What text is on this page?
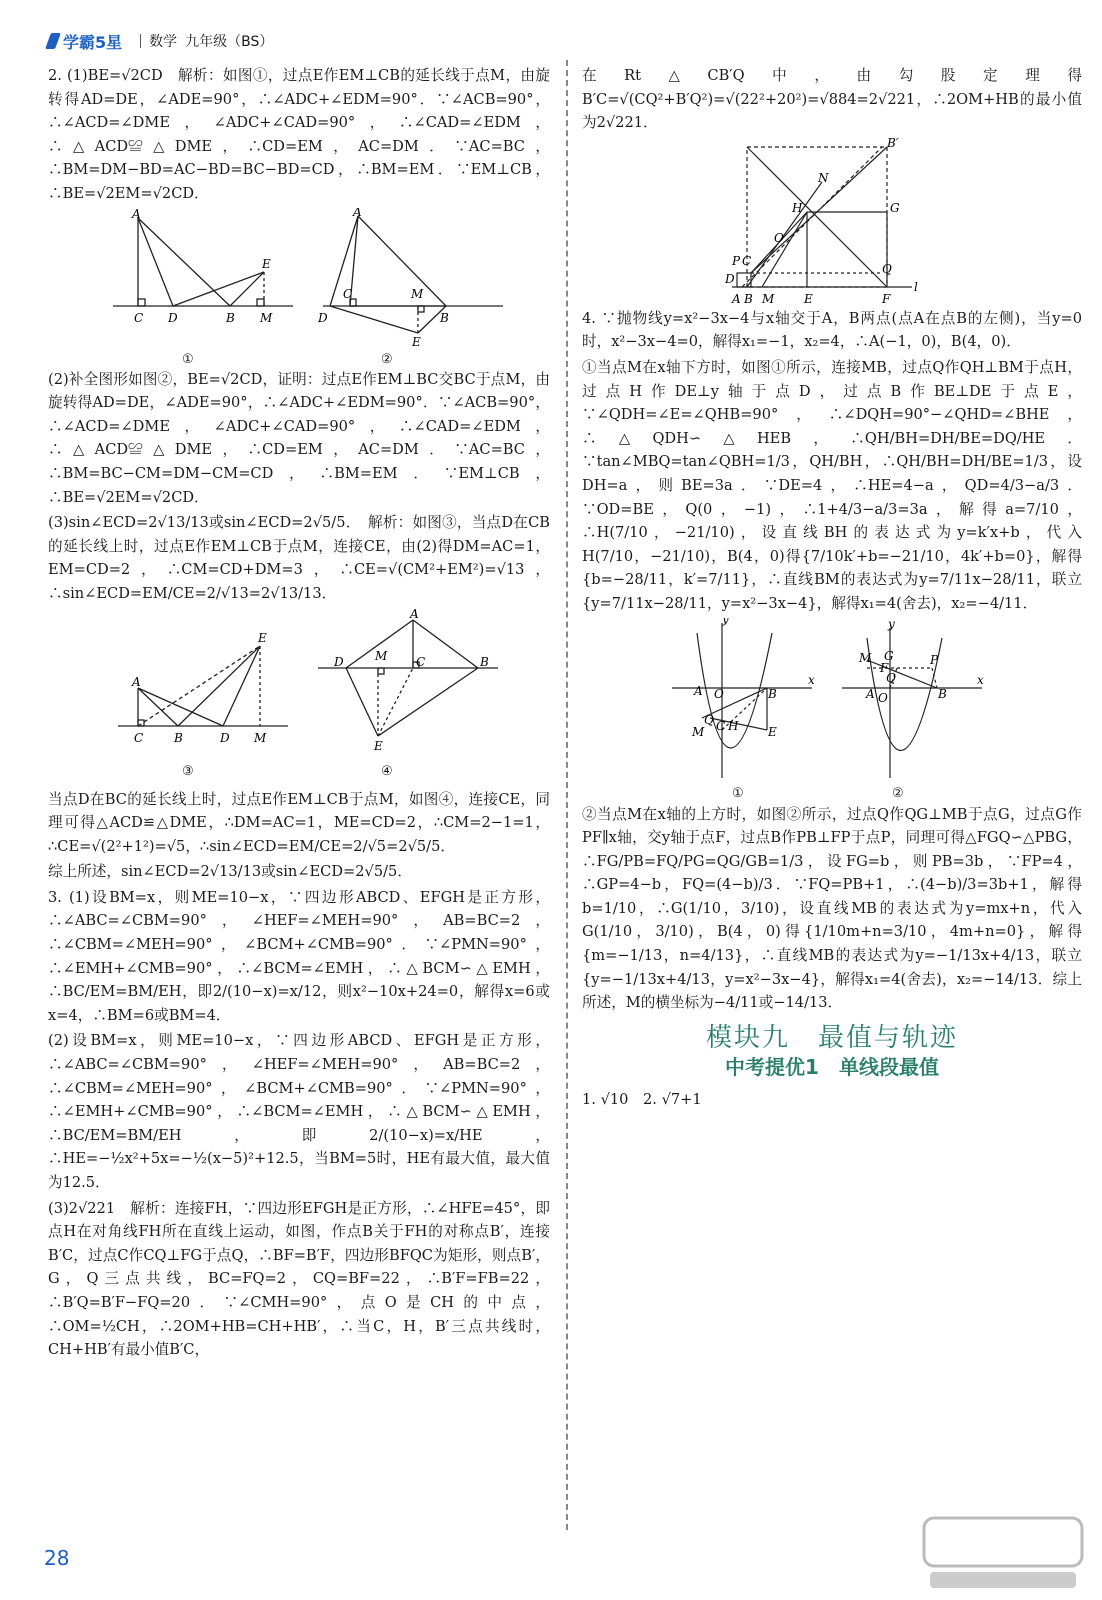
学霸5星 数学 九年级（BS）

2. (1)BE=√2CD　解析：如图①，过点E作EM⊥CB的延长线于点M，由旋转得AD=DE，∠ADE=90°，∴∠ADC+∠EDM=90°．∵∠ACB=90°，∴∠ACD=∠DME，∠ADC+∠CAD=90°，∴∠CAD=∠EDM，∴△ACD≌△DME，∴CD=EM，AC=DM．∵AC=BC，∴BM=DM−BD=AC−BD=BC−BD=CD，∴BM=EM．∵EM⊥CB，∴BE=√2EM=√2CD．

A
C D	B M
E
A
C
D
M
B
E
①	②

(2)补全图形如图②，BE=√2CD，证明：过点E作EM⊥BC交BC于点M，由旋转得AD=DE，∠ADE=90°，∴∠ADC+∠EDM=90°．∵∠ACB=90°，∴∠ACD=∠DME，∠ADC+∠CAD=90°，∴∠CAD=∠EDM，∴△ACD≌△DME，∴CD=EM，AC=DM．∵AC=BC，∴BM=BC−CM=DM−CM=CD，∴BM=EM．∵EM⊥CB，∴BE=√2EM=√2CD．

(3)sin∠ECD=2√13/13或sin∠ECD=2√5/5．　解析：如图③，当点D在CB的延长线上时，过点E作EM⊥CB于点M，连接CE，由(2)得DM=AC=1，EM=CD=2，∴CM=CD+DM=3，∴CE=√(CM²+EM²)=√13，∴sin∠ECD=EM/CE=2/√13=2√13/13．

A
C	B	D M
E
A
D	M C	B
E
③	④

当点D在BC的延长线上时，过点E作EM⊥CB于点M，如图④，连接CE，同理可得△ACD≌△DME，∴DM=AC=1，ME=CD=2，∴CM=2−1=1，∴CE=√(2²+1²)=√5，∴sin∠ECD=EM/CE=2/√5=2√5/5．

综上所述，sin∠ECD=2√13/13或sin∠ECD=2√5/5．

3. (1)设BM=x，则ME=10−x，∵四边形ABCD、EFGH是正方形，∴∠ABC=∠CBM=90°，∠HEF=∠MEH=90°，AB=BC=2，∴∠CBM=∠MEH=90°，∠BCM+∠CMB=90°．∵∠PMN=90°，∴∠EMH+∠CMB=90°，∴∠BCM=∠EMH，∴△BCM∽△EMH，∴BC/EM=BM/EH，即2/(10−x)=x/12，则x²−10x+24=0，解得x=6或x=4，∴BM=6或BM=4．

(2)设BM=x，则ME=10−x，∵四边形ABCD、EFGH是正方形，∴∠ABC=∠CBM=90°，∠HEF=∠MEH=90°，AB=BC=2，∴∠CBM=∠MEH=90°，∠BCM+∠CMB=90°．∵∠PMN=90°，∴∠EMH+∠CMB=90°，∴∠BCM=∠EMH，∴△BCM∽△EMH，∴BC/EM=BM/EH，即2/(10−x)=x/HE，∴HE=−½x²+5x=−½(x−5)²+12.5，当BM=5时，HE有最大值，最大值为12.5．

(3)2√221　解析：连接FH，∵四边形EFGH是正方形，∴∠HFE=45°，即点H在对角线FH所在直线上运动，如图，作点B关于FH的对称点B′，连接B′C，过点C作CQ⊥FG于点Q，∴BF=B′F，四边形BFQC为矩形，则点B′，G，Q三点共线，BC=FQ=2，CQ=BF=22，∴B′F=FB=22，∴B′Q=B′F−FQ=20．∵∠CMH=90°，点O是CH的中点，∴OM=½CH，∴2OM+HB=CH+HB′，∴当C，H，B′三点共线时，CH+HB′有最小值B′C，

在Rt△CB′Q中，由勾股定理得B′C=√(CQ²+B′Q²)=√(22²+20²)=√884=2√221，∴2OM+HB的最小值为2√221．

B′
G
N
H
O
P C
D
Q
A B M E	F
l

4. ∵抛物线y=x²−3x−4与x轴交于A，B两点(点A在点B的左侧)，当y=0时，x²−3x−4=0，解得x₁=−1，x₂=4，∴A(−1，0)，B(4，0)．

①当点M在x轴下方时，如图①所示，连接MB，过点Q作QH⊥BM于点H，过点H作DE⊥y轴于点D，过点B作BE⊥DE于点E，∵∠QDH=∠E=∠QHB=90°，∴∠DQH=90°−∠QHD=∠BHE，∴△QDH∽△HEB，∴QH/BH=DH/BE=DQ/HE．∵tan∠MBQ=tan∠QBH=1/3，QH/BH，∴QH/BH=DH/BE=1/3，设DH=a，则BE=3a．∵DE=4，∴HE=4−a，QD=4/3−a/3．∵OD=BE，Q(0，−1)，∴1+4/3−a/3=3a，解得a=7/10，∴H(7/10，−21/10)，设直线BH的表达式为y=k′x+b，代入H(7/10，−21/10)，B(4，0)得{7/10k′+b=−21/10，4k′+b=0}，解得{b=−28/11，k′=7/11}，∴直线BM的表达式为y=7/11x−28/11，联立{y=7/11x−28/11，y=x²−3x−4}，解得x₁=4(舍去)，x₂=−4/11．

y
x
O
A	B
Q
M C H E
y
x
O
A	B
M G
F
P
Q
①	②

②当点M在x轴的上方时，如图②所示，过点Q作QG⊥MB于点G，过点G作PF∥x轴，交y轴于点F，过点B作PB⊥FP于点P，同理可得△FGQ∽△PBG，∴FG/PB=FQ/PG=QG/GB=1/3，设FG=b，则PB=3b，∵FP=4，∴GP=4−b，FQ=(4−b)/3．∵FQ=PB+1，∴(4−b)/3=3b+1，解得b=1/10，∴G(1/10，3/10)，设直线MB的表达式为y=mx+n，代入G(1/10，3/10)，B(4，0)得{1/10m+n=3/10，4m+n=0}，解得{m=−1/13，n=4/13}，∴直线MB的表达式为y=−1/13x+4/13，联立{y=−1/13x+4/13，y=x²−3x−4}，解得x₁=4(舍去)，x₂=−14/13．综上所述，M的横坐标为−4/11或−14/13．

模块九　最值与轨迹
中考提优1　单线段最值

1. √10　2. √7+1

28
